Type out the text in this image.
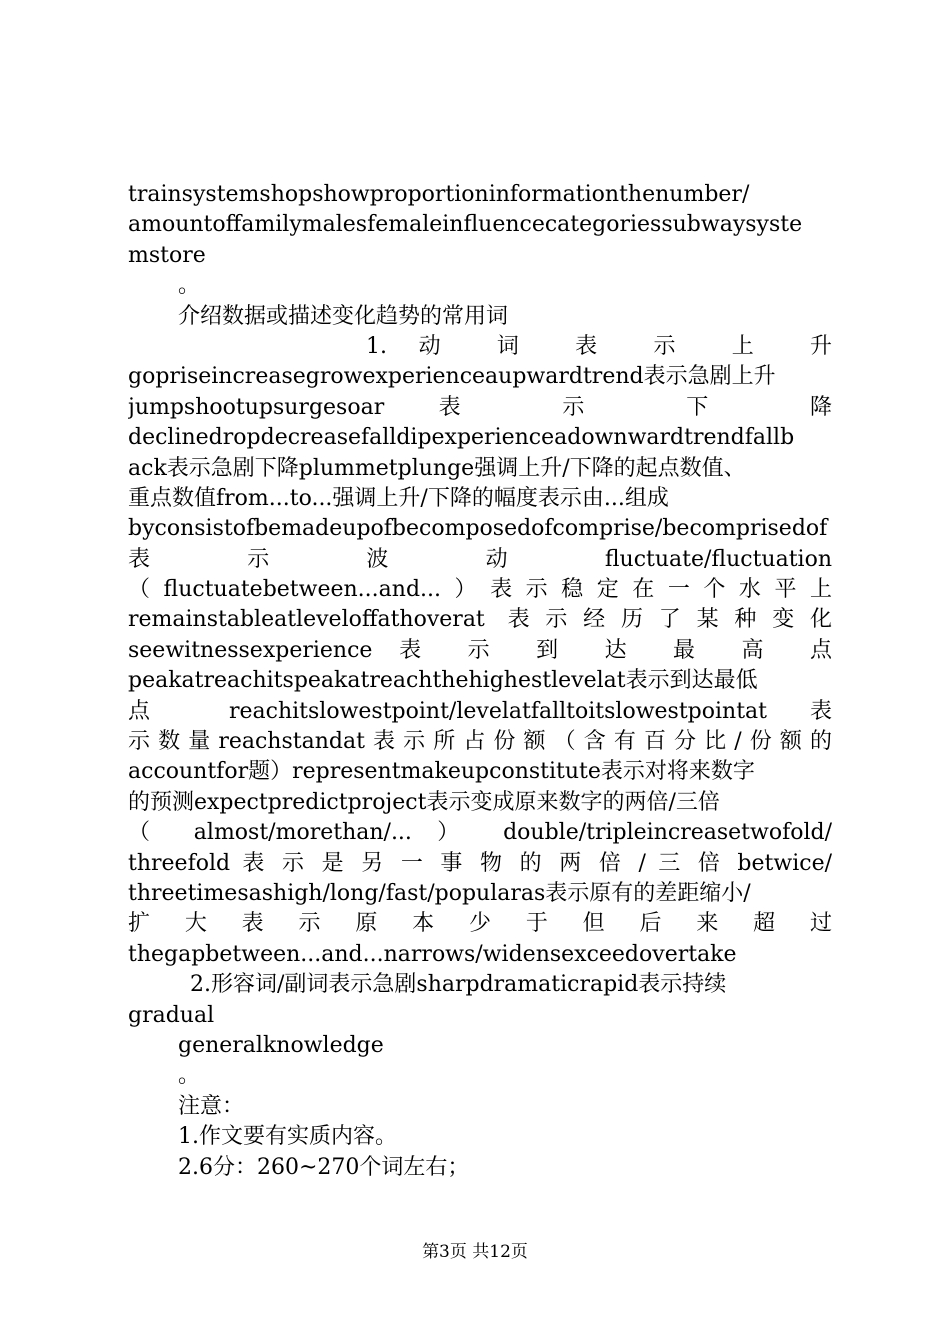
trainsystemshopshowproportioninformationthenumber/
amountoffamilymalesfemaleinfluencecategoriessubwaysyste
mstore
。
介绍数据或描述变化趋势的常用词
1. 动 词 表 示 上 升
gopriseincreasegrowexperienceaupwardtrend表示急剧上升
jumpshootupsurgesoar 表 示 下 降
declinedropdecreasefalldipexperienceadownwardtrendfallb
ack表示急剧下降plummetplunge强调上升/下降的起点数值、
重点数值from...to...强调上升/下降的幅度表示由...组成
byconsistofbemadeupofbecomposedofcomprise/becomprisedof
表 示 波 动 fluctuate/fluctuation
（fluctuatebetween...and...）表示稳定在一个水平上
remainstableatleveloffathoverat 表示经历了某种变化
seewitnessexperience 表 示 到 达 最 高 点
peakatreachitspeakatreachthehighestlevelat表示到达最低
点 reachitslowestpoint/levelatfalltoitslowestpointat 表
示数量reachstandat表示所占份额（含有百分比/份额的
accountfor题）representmakeupconstitute表示对将来数字
的预测expectpredictproject表示变成原来数字的两倍/三倍
（ almost/morethan/... ） double/tripleincreasetwofold/
threefold 表 示 是 另 一 事 物 的 两 倍 / 三 倍 betwice/
threetimesashigh/long/fast/popularas表示原有的差距缩小/
扩 大 表 示 原 本 少 于 但 后 来 超 过
thegapbetween...and...narrows/widensexceedovertake
2.形容词/副词表示急剧sharpdramaticrapid表示持续
gradual
generalknowledge
。
注意：
1.作文要有实质内容。
2.6分：260~270个词左右；
第3页 共12页
